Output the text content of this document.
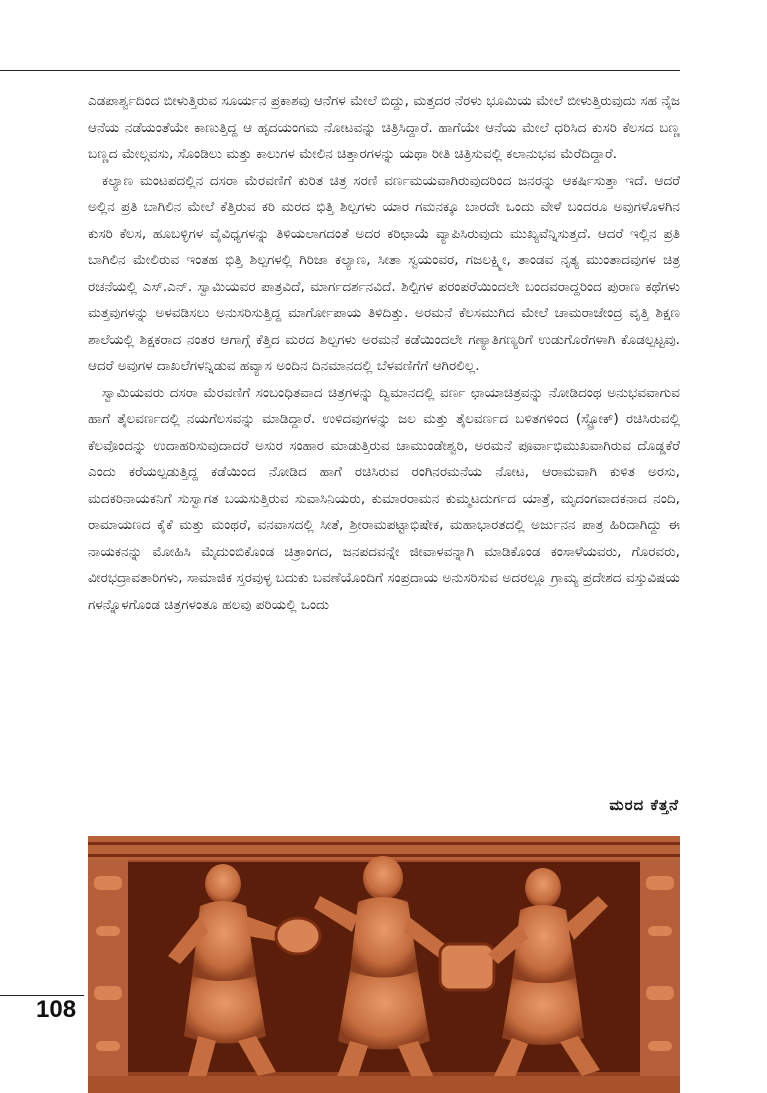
ಎಡಪಾರ್ಶ್ವದಿಂದ ಬೀಳುತ್ತಿರುವ ಸೂರ್ಯನ ಪ್ರಕಾಶವು ಆನೆಗಳ ಮೇಲೆ ಬಿದ್ದು, ಮತ್ತದರ ನೆರಳು ಭೂಮಿಯ ಮೇಲೆ ಬೀಳುತ್ತಿರುವುದು ಸಹ ನೈಜ ಆನೆಯ ನಡೆಯಂತೆಯೇ ಕಾಣುತ್ತಿದ್ದ ಆ ಹೃದಯಂಗಮ ನೋಟವನ್ನು ಚಿತ್ರಿಸಿದ್ದಾರೆ. ಹಾಗೆಯೇ ಆನೆಯ ಮೇಲೆ ಧರಿಸಿದ ಕುಸರಿ ಕೆಲಸದ ಬಣ್ಣ ಬಣ್ಣದ ಮೇಲ್ಗವಸು, ಸೊಂಡಿಲು ಮತ್ತು ಕಾಲುಗಳ ಮೇಲಿನ ಚಿತ್ತಾರಗಳನ್ನು ಯಥಾ ರೀತಿ ಚಿತ್ರಿಸುವಲ್ಲಿ ಕಲಾನುಭವ ಮೆರೆದಿದ್ದಾರೆ.

ಕಲ್ಯಾಣ ಮಂಟಪದಲ್ಲಿನ ದಸರಾ ಮೆರವಣಿಗೆ ಕುರಿತ ಚಿತ್ರ ಸರಣಿ ವರ್ಣಮಯವಾಗಿರುವುದರಿಂದ ಜನರನ್ನು ಆಕರ್ಷಿಸುತ್ತಾ ಇದೆ. ಆದರೆ ಅಲ್ಲಿನ ಪ್ರತಿ ಬಾಗಿಲಿನ ಮೇಲೆ ಕೆತ್ತಿರುವ ಕರಿ ಮರದ ಭಿತ್ತಿ ಶಿಲ್ಪಗಳು ಯಾರ ಗಮನಕ್ಕೂ ಬಾರದೇ ಒಂದು ವೇಳೆ ಬಂದರೂ ಅವುಗಳೊಳಗಿನ ಕುಸರಿ ಕೆಲಸ, ಹೂಬಳ್ಳಿಗಳ ವೈವಿಧ್ಯಗಳನ್ನು ತಿಳಿಯಲಾಗದಂತೆ ಅದರ ಕರಿಛಾಯೆ ವ್ಯಾಪಿಸಿರುವುದು ಮುಖ್ಯವೆನ್ನಿಸುತ್ತದೆ. ಆದರೆ ಇಲ್ಲಿನ ಪ್ರತಿ ಬಾಗಿಲಿನ ಮೇಲಿರುವ ಇಂತಹ ಭಿತ್ತಿ ಶಿಲ್ಪಗಳಲ್ಲಿ ಗಿರಿಜಾ ಕಲ್ಯಾಣ, ಸೀತಾ ಸ್ವಯಂವರ, ಗಜಲಕ್ಷ್ಮೀ, ತಾಂಡವ ನೃತ್ಯ ಮುಂತಾದವುಗಳ ಚಿತ್ರ ರಚನೆಯಲ್ಲಿ ಎಸ್.ಎನ್. ಸ್ವಾಮಿಯವರ ಪಾತ್ರವಿದೆ, ಮಾರ್ಗದರ್ಶನವಿದೆ. ಶಿಲ್ಪಿಗಳ ಪರಂಪರೆಯಿಂದಲೇ ಬಂದವರಾದ್ದರಿಂದ ಪುರಾಣ ಕಥೆಗಳು ಮತ್ತವುಗಳನ್ನು ಅಳವಡಿಸಲು ಅನುಸರಿಸುತ್ತಿದ್ದ ಮಾರ್ಗೋಪಾಯ ತಿಳಿದಿತ್ತು. ಅರಮನೆ ಕೆಲಸಮುಗಿದ ಮೇಲೆ ಚಾಮರಾಜೇಂದ್ರ ವೃತ್ತಿ ಶಿಕ್ಷಣ ಶಾಲೆಯಲ್ಲಿ ಶಿಕ್ಷಕರಾದ ನಂತರ ಆಗಾಗ್ಗೆ ಕೆತ್ತಿದ ಮರದ ಶಿಲ್ಪಗಳು ಅರಮನೆ ಕಡೆಯಿಂದಲೇ ಗಣ್ಯಾತಿಗಣ್ಯರಿಗೆ ಉಡುಗೊರೆಗಳಾಗಿ ಕೊಡಲ್ಪಟ್ಟವು. ಆದರೆ ಅವುಗಳ ದಾಖಲೆಗಳನ್ನಿಡುವ ಹವ್ಯಾಸ ಅಂದಿನ ದಿನಮಾನದಲ್ಲಿ ಬೆಳವಣಿಗೆಗೆ ಆಗಿರಲಿಲ್ಲ.

ಸ್ವಾಮಿಯವರು ದಸರಾ ಮೆರವಣಿಗೆ ಸಂಬಂಧಿತವಾದ ಚಿತ್ರಗಳನ್ನು ದ್ವಿಮಾನದಲ್ಲಿ ವರ್ಣ ಛಾಯಾಚಿತ್ರವನ್ನು ನೋಡಿದಂಥ ಅನುಭವವಾಗುವ ಹಾಗೆ ತೈಲವರ್ಣದಲ್ಲಿ ನಯಗೆಲಸವನ್ನು ಮಾಡಿದ್ದಾರೆ. ಉಳಿದವುಗಳನ್ನು ಜಲ ಮತ್ತು ತೈಲವರ್ಣದ ಬಳಿತಗಳಿಂದ (ಸ್ಟ್ರೋಕ್) ರಚಿಸಿರುವಲ್ಲಿ ಕೆಲವೊಂದನ್ನು ಉದಾಹರಿಸುವುದಾದರೆ ಅಸುರ ಸಂಹಾರ ಮಾಡುತ್ತಿರುವ ಚಾಮುಂಡೇಶ್ವರಿ, ಅರಮನೆ ಪೂರ್ವಾಭಿಮುಖವಾಗಿರುವ ದೊಡ್ಡಕೆರೆ ಎಂದು ಕರೆಯಲ್ಪಡುತ್ತಿದ್ದ ಕಡೆಯಿಂದ ನೋಡಿದ ಹಾಗೆ ರಚಿಸಿರುವ ರಂಗಿನರಮನೆಯ ನೋಟ, ಆರಾಮವಾಗಿ ಕುಳಿತ ಅರಸು, ಮದಕರಿನಾಯಕನಿಗೆ ಸುಸ್ವಾಗತ ಬಯಸುತ್ತಿರುವ ಸುವಾಸಿನಿಯರು, ಕುಮಾರರಾಮನ ಕುಮ್ಮಟದುರ್ಗದ ಯಾತ್ರೆ, ಮೃದಂಗವಾದಕನಾದ ನಂದಿ, ರಾಮಾಯಣದ ಕೈಕೆ ಮತ್ತು ಮಂಥರೆ, ವನವಾಸದಲ್ಲಿ ಸೀತೆ, ಶ್ರೀರಾಮಪಟ್ಟಾಭಿಷೇಕ, ಮಹಾಭಾರತದಲ್ಲಿ ಅರ್ಜುನನ ಪಾತ್ರ ಹಿರಿದಾಗಿದ್ದು ಈ ನಾಯಕನನ್ನು ಮೋಹಿಸಿ ಮೈದುಂಬಿಕೊಂಡ ಚಿತ್ರಾಂಗದ, ಜನಪದವನ್ನೇ ಜೀವಾಳವನ್ನಾಗಿ ಮಾಡಿಕೊಂಡ ಕಂಸಾಳೆಯವರು, ಗೊರವರು, ವೀರಭದ್ರಾವತಾರಿಗಳು, ಸಾಮಾಜಿಕ ಸ್ತರವುಳ್ಳ ಬದುಕು ಬವಣೆಯೊಂದಿಗೆ ಸಂಪ್ರದಾಯ ಅನುಸರಿಸುವ ಅದರಲ್ಲೂ ಗ್ರಾಮ್ಯ ಪ್ರದೇಶದ ವಸ್ತುವಿಷಯ ಗಳನ್ನೊಳಗೊಂಡ ಚಿತ್ರಗಳಂತೂ ಹಲವು ಪರಿಯಲ್ಲಿ ಒಂದು

ಮರದ ಕೆತ್ತನೆ
108
